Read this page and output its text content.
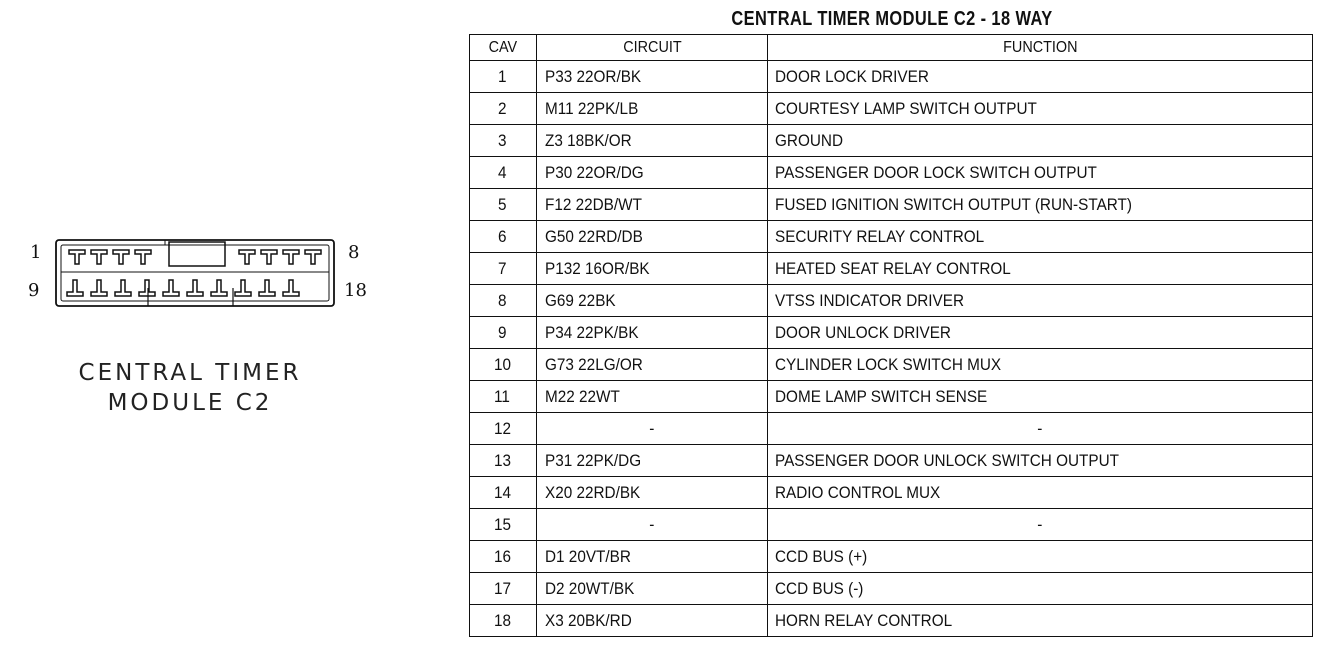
1	8
9	18
CENTRAL TIMER
MODULE C2
CENTRAL TIMER MODULE C2 - 18 WAY
CAV	CIRCUIT	FUNCTION
1	P33 22OR/BK	DOOR LOCK DRIVER
2	M11 22PK/LB	COURTESY LAMP SWITCH OUTPUT
3	Z3 18BK/OR	GROUND
4	P30 22OR/DG	PASSENGER DOOR LOCK SWITCH OUTPUT
5	F12 22DB/WT	FUSED IGNITION SWITCH OUTPUT (RUN-START)
6	G50 22RD/DB	SECURITY RELAY CONTROL
7	P132 16OR/BK	HEATED SEAT RELAY CONTROL
8	G69 22BK	VTSS INDICATOR DRIVER
9	P34 22PK/BK	DOOR UNLOCK DRIVER
10	G73 22LG/OR	CYLINDER LOCK SWITCH MUX
11	M22 22WT	DOME LAMP SWITCH SENSE
12	-	-
13	P31 22PK/DG	PASSENGER DOOR UNLOCK SWITCH OUTPUT
14	X20 22RD/BK	RADIO CONTROL MUX
15	-	-
16	D1 20VT/BR	CCD BUS (+)
17	D2 20WT/BK	CCD BUS (-)
18	X3 20BK/RD	HORN RELAY CONTROL
